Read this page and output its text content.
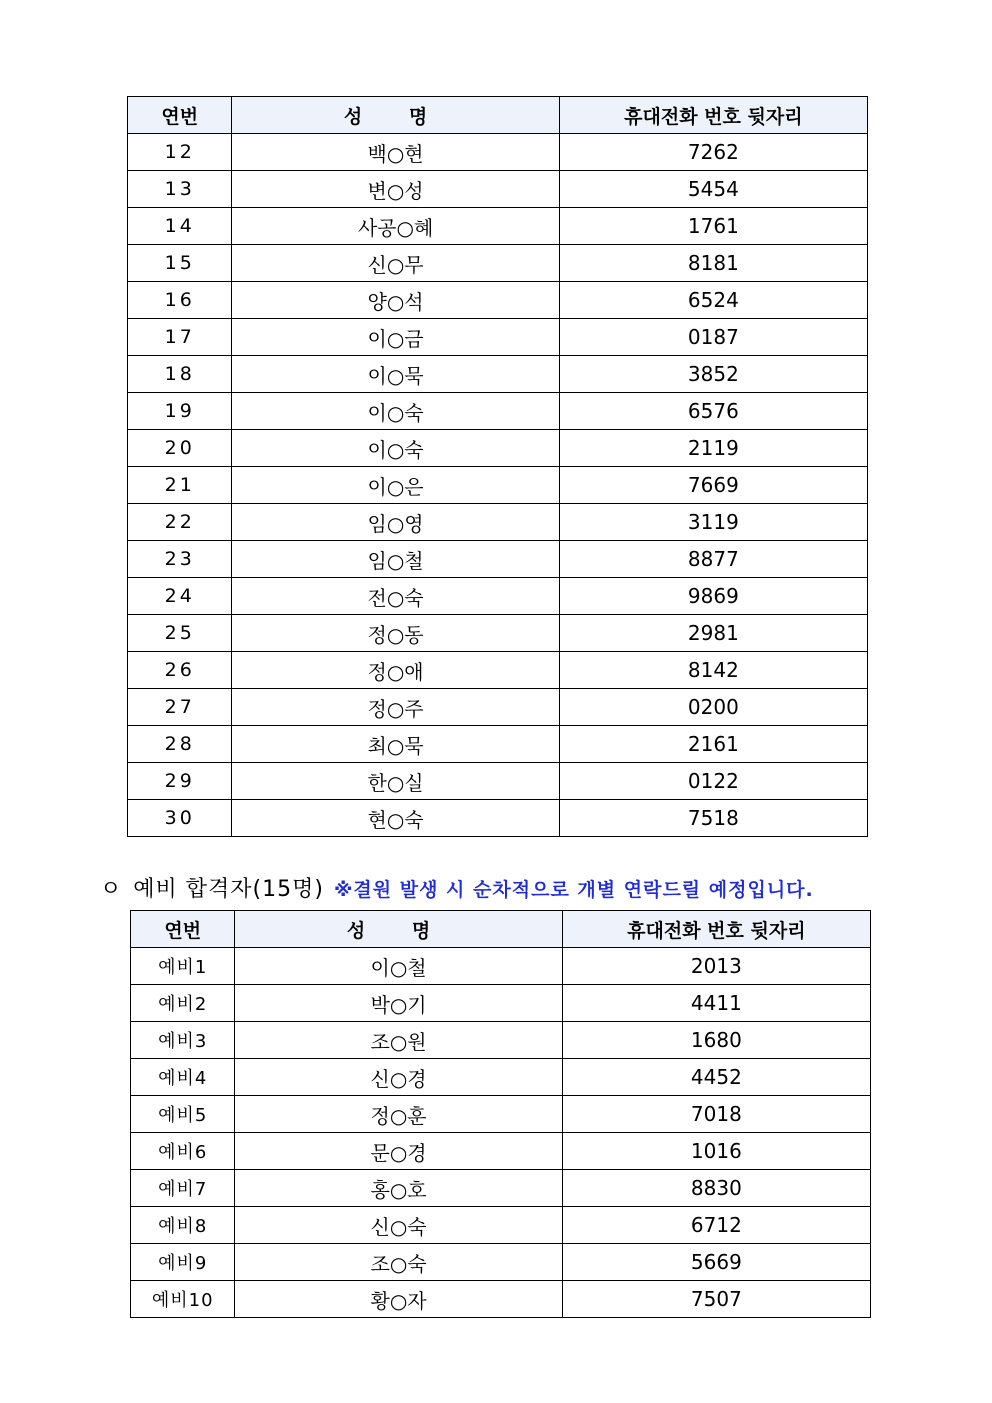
연번	성 명	휴대전화 번호 뒷자리
12	백○현	7262
13	변○성	5454
14	사공○혜	1761
15	신○무	8181
16	양○석	6524
17	이○금	0187
18	이○묵	3852
19	이○숙	6576
20	이○숙	2119
21	이○은	7669
22	임○영	3119
23	임○철	8877
24	전○숙	9869
25	정○동	2981
26	정○애	8142
27	정○주	0200
28	최○묵	2161
29	한○실	0122
30	현○숙	7518
ㅇ 예비 합격자(15명) ※결원 발생 시 순차적으로 개별 연락드릴 예정입니다.
연번	성 명	휴대전화 번호 뒷자리
예비1	이○철	2013
예비2	박○기	4411
예비3	조○원	1680
예비4	신○경	4452
예비5	정○훈	7018
예비6	문○경	1016
예비7	홍○호	8830
예비8	신○숙	6712
예비9	조○숙	5669
예비10	황○자	7507
